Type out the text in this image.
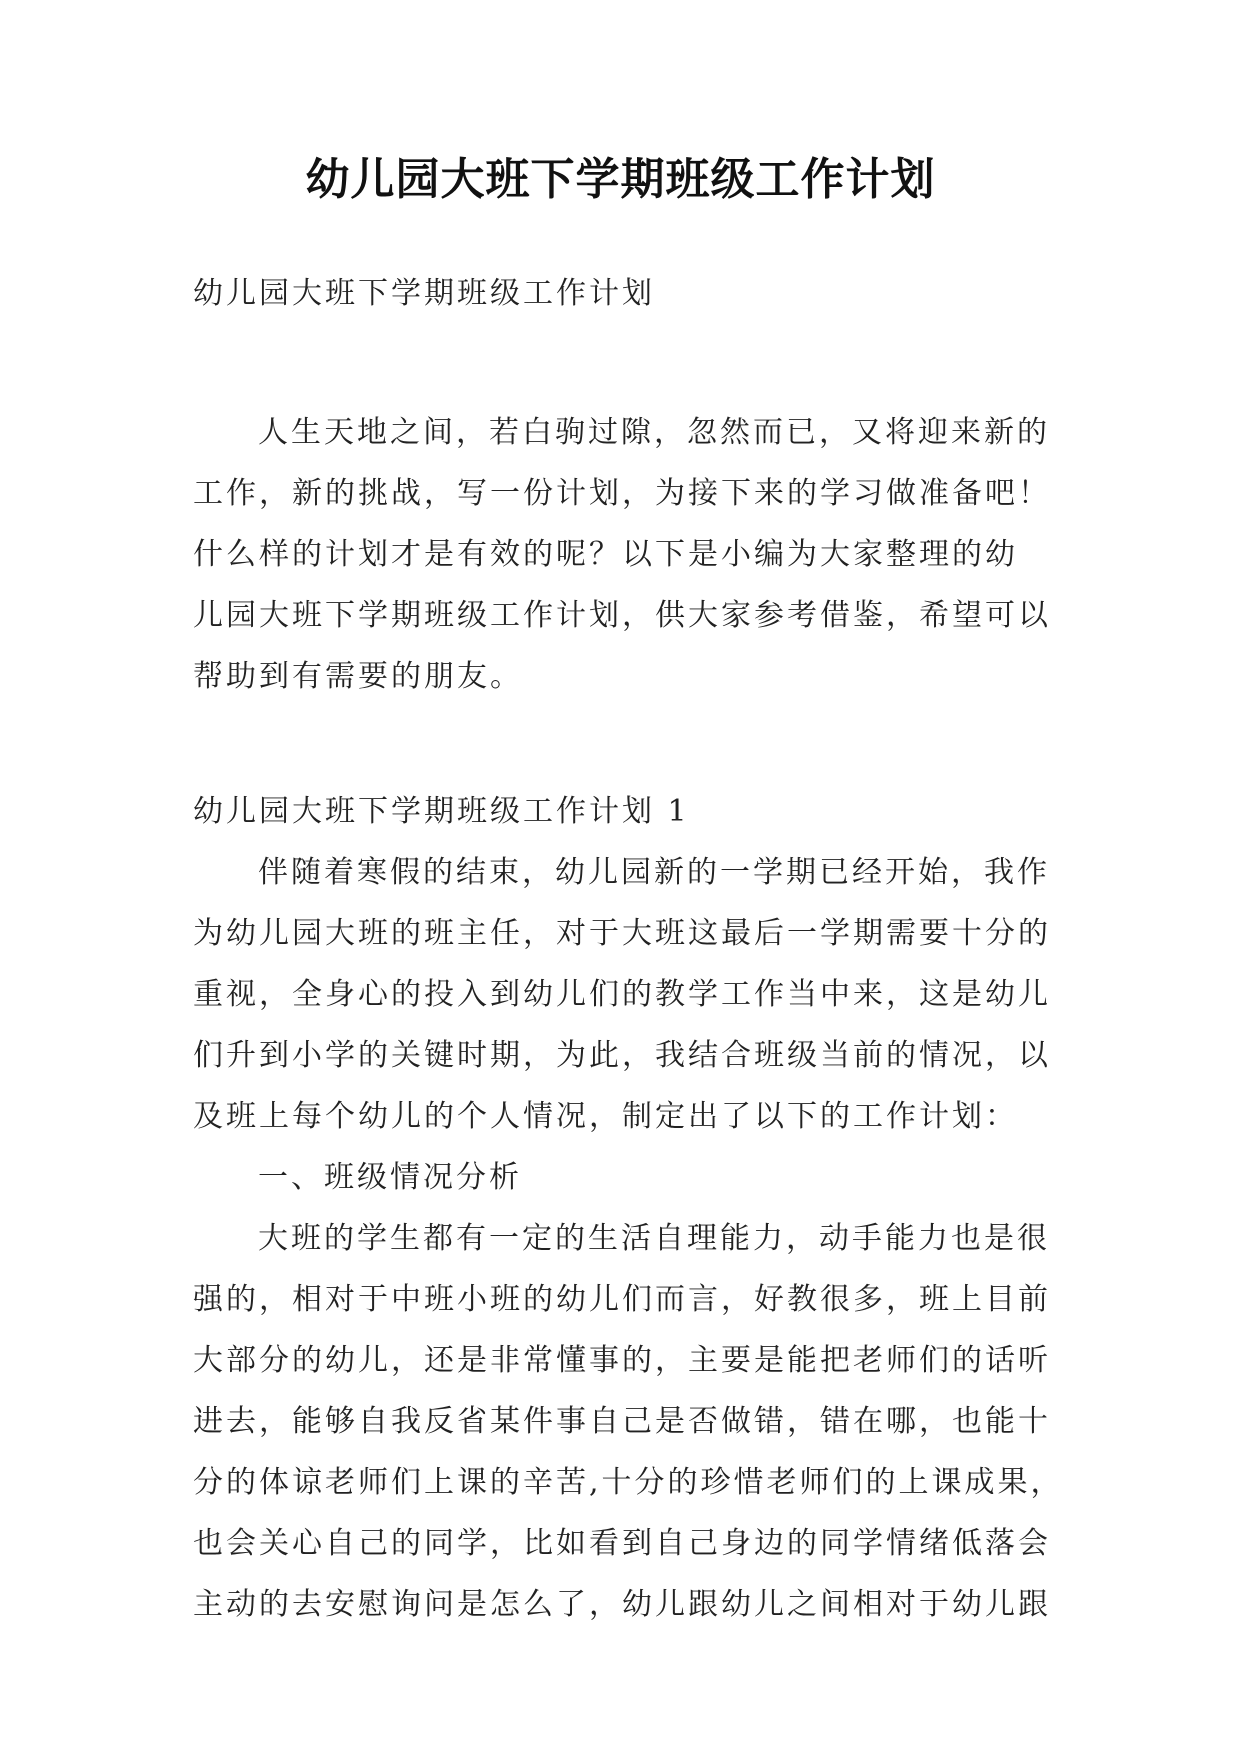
幼儿园大班下学期班级工作计划
幼儿园大班下学期班级工作计划
人生天地之间，若白驹过隙，忽然而已，又将迎来新的
工作，新的挑战，写一份计划，为接下来的学习做准备吧！
什么样的计划才是有效的呢？以下是小编为大家整理的幼
儿园大班下学期班级工作计划，供大家参考借鉴，希望可以
帮助到有需要的朋友。
幼儿园大班下学期班级工作计划 1
伴随着寒假的结束，幼儿园新的一学期已经开始，我作
为幼儿园大班的班主任，对于大班这最后一学期需要十分的
重视，全身心的投入到幼儿们的教学工作当中来，这是幼儿
们升到小学的关键时期，为此，我结合班级当前的情况，以
及班上每个幼儿的个人情况，制定出了以下的工作计划：
一、班级情况分析
大班的学生都有一定的生活自理能力，动手能力也是很
强的，相对于中班小班的幼儿们而言，好教很多，班上目前
大部分的幼儿，还是非常懂事的，主要是能把老师们的话听
进去，能够自我反省某件事自己是否做错，错在哪，也能十
分的体谅老师们上课的辛苦,十分的珍惜老师们的上课成果，
也会关心自己的同学，比如看到自己身边的同学情绪低落会
主动的去安慰询问是怎么了，幼儿跟幼儿之间相对于幼儿跟
